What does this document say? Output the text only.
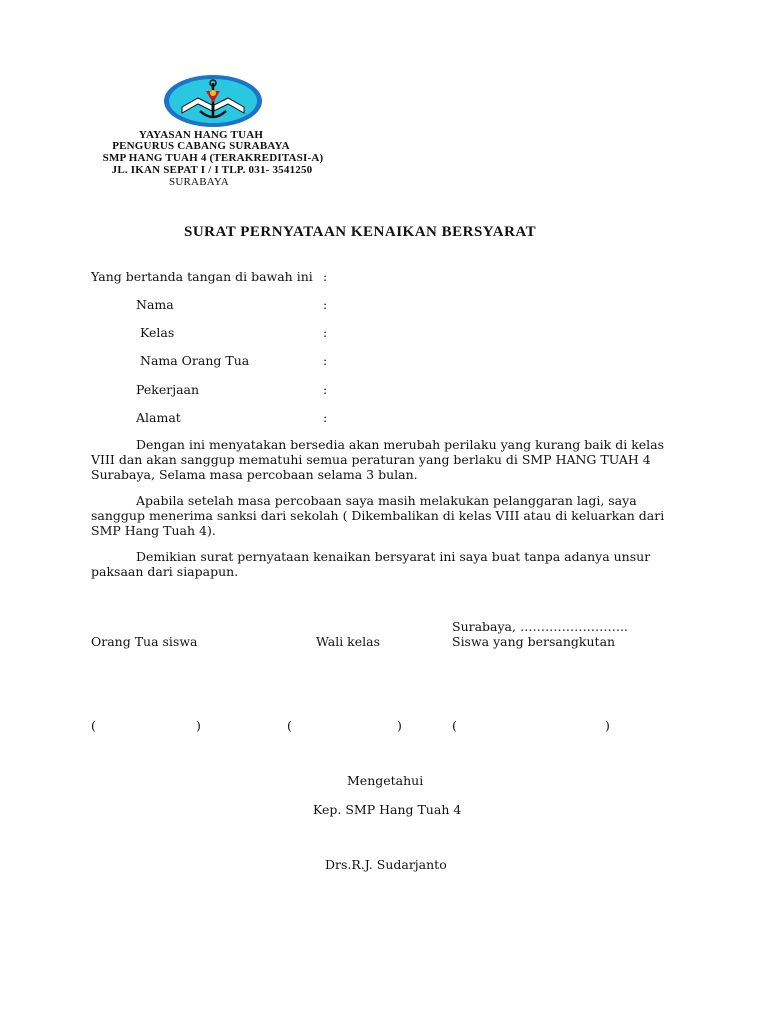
YAYASAN HANG TUAH
PENGURUS CABANG SURABAYA
SMP HANG TUAH 4 (TERAKREDITASI-A)
JL. IKAN SEPAT I / I TLP. 031- 3541250
SURABAYA
SURAT PERNYATAAN KENAIKAN BERSYARAT
Yang bertanda tangan di bawah ini :
Nama	:
Kelas	:
Nama Orang Tua	:
Pekerjaan	:
Alamat	:
Dengan ini menyatakan bersedia akan merubah perilaku yang kurang baik di kelas VIII dan akan sanggup mematuhi semua peraturan yang berlaku di SMP HANG TUAH 4 Surabaya, Selama masa percobaan selama 3 bulan.
Apabila setelah masa percobaan saya masih melakukan pelanggaran lagi, saya sanggup menerima sanksi dari sekolah ( Dikembalikan di kelas VIII atau di keluarkan dari SMP Hang Tuah 4).
Demikian surat pernyataan kenaikan bersyarat ini saya buat tanpa adanya unsur paksaan dari siapapun.
Surabaya, ……………………..
Orang Tua siswa	Wali kelas	Siswa yang bersangkutan
(	)	(	)	(	)
Mengetahui
Kep. SMP Hang Tuah 4
Drs.R.J. Sudarjanto
